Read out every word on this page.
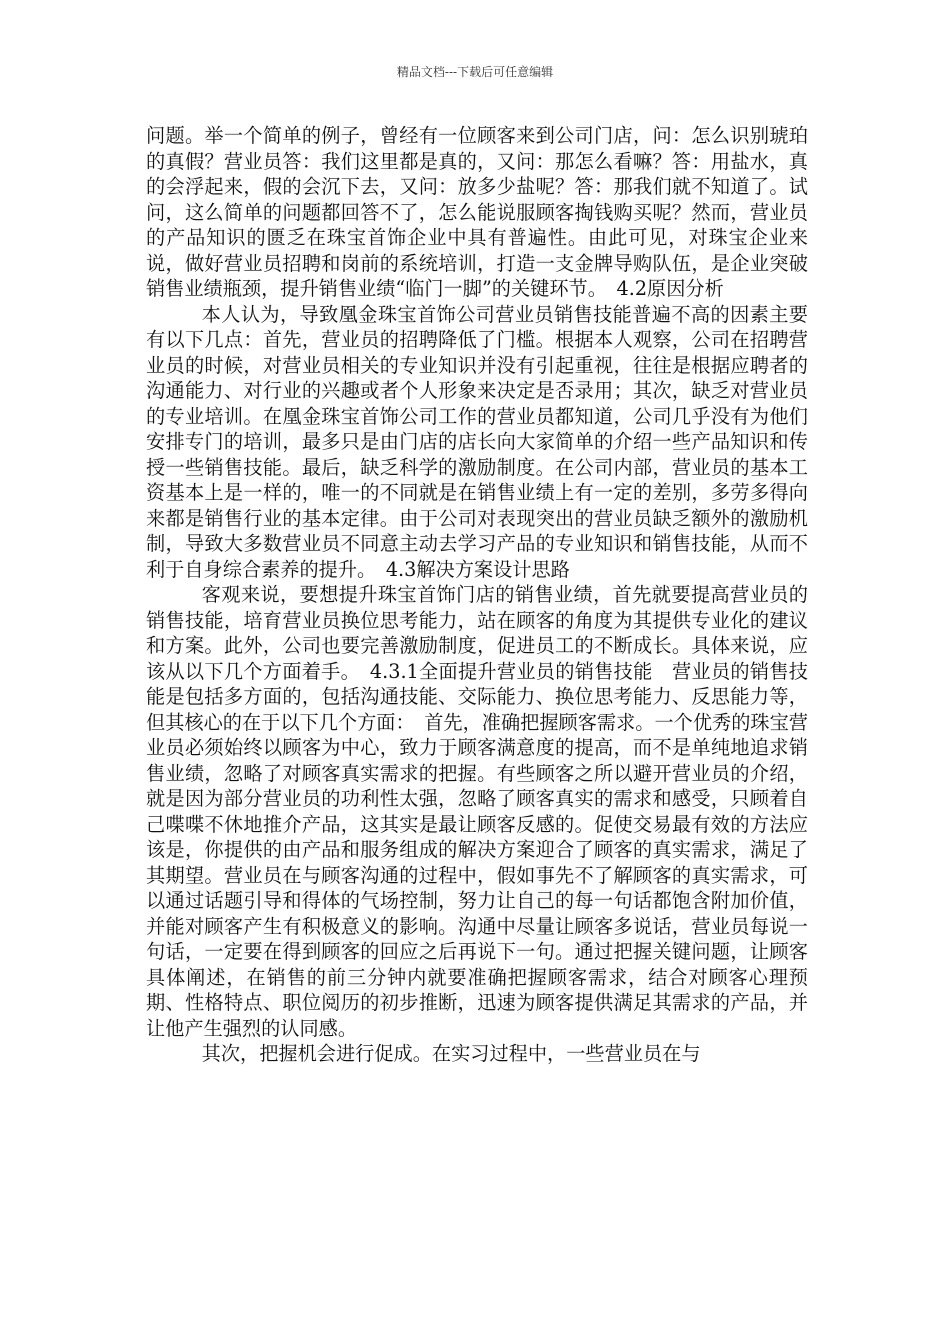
精品文档---下载后可任意编辑

问题。举一个简单的例子，曾经有一位顾客来到公司门店，问：怎么识别琥珀的真假？营业员答：我们这里都是真的，又问：那怎么看嘛？答：用盐水，真的会浮起来，假的会沉下去，又问：放多少盐呢？答：那我们就不知道了。试问，这么简单的问题都回答不了，怎么能说服顾客掏钱购买呢？然而，营业员的产品知识的匮乏在珠宝首饰企业中具有普遍性。由此可见，对珠宝企业来说，做好营业员招聘和岗前的系统培训，打造一支金牌导购队伍，是企业突破销售业绩瓶颈，提升销售业绩“临门一脚”的关键环节。　4.2原因分析

本人认为，导致凰金珠宝首饰公司营业员销售技能普遍不高的因素主要有以下几点：首先，营业员的招聘降低了门槛。根据本人观察，公司在招聘营业员的时候，对营业员相关的专业知识并没有引起重视，往往是根据应聘者的沟通能力、对行业的兴趣或者个人形象来决定是否录用；其次，缺乏对营业员的专业培训。在凰金珠宝首饰公司工作的营业员都知道，公司几乎没有为他们安排专门的培训，最多只是由门店的店长向大家简单的介绍一些产品知识和传授一些销售技能。最后，缺乏科学的激励制度。在公司内部，营业员的基本工资基本上是一样的，唯一的不同就是在销售业绩上有一定的差别，多劳多得向来都是销售行业的基本定律。由于公司对表现突出的营业员缺乏额外的激励机制，导致大多数营业员不同意主动去学习产品的专业知识和销售技能，从而不利于自身综合素养的提升。　4.3解决方案设计思路

客观来说，要想提升珠宝首饰门店的销售业绩，首先就要提高营业员的销售技能，培育营业员换位思考能力，站在顾客的角度为其提供专业化的建议和方案。此外，公司也要完善激励制度，促进员工的不断成长。具体来说，应该从以下几个方面着手。　4.3.1全面提升营业员的销售技能　营业员的销售技能是包括多方面的，包括沟通技能、交际能力、换位思考能力、反思能力等，但其核心的在于以下几个方面：　首先，准确把握顾客需求。一个优秀的珠宝营业员必须始终以顾客为中心，致力于顾客满意度的提高，而不是单纯地追求销售业绩，忽略了对顾客真实需求的把握。有些顾客之所以避开营业员的介绍，就是因为部分营业员的功利性太强，忽略了顾客真实的需求和感受，只顾着自己喋喋不休地推介产品，这其实是最让顾客反感的。促使交易最有效的方法应该是，你提供的由产品和服务组成的解决方案迎合了顾客的真实需求，满足了其期望。营业员在与顾客沟通的过程中，假如事先不了解顾客的真实需求，可以通过话题引导和得体的气场控制，努力让自己的每一句话都饱含附加价值，并能对顾客产生有积极意义的影响。沟通中尽量让顾客多说话，营业员每说一句话，一定要在得到顾客的回应之后再说下一句。通过把握关键问题，让顾客具体阐述，在销售的前三分钟内就要准确把握顾客需求，结合对顾客心理预期、性格特点、职位阅历的初步推断，迅速为顾客提供满足其需求的产品，并让他产生强烈的认同感。

其次，把握机会进行促成。在实习过程中，一些营业员在与
